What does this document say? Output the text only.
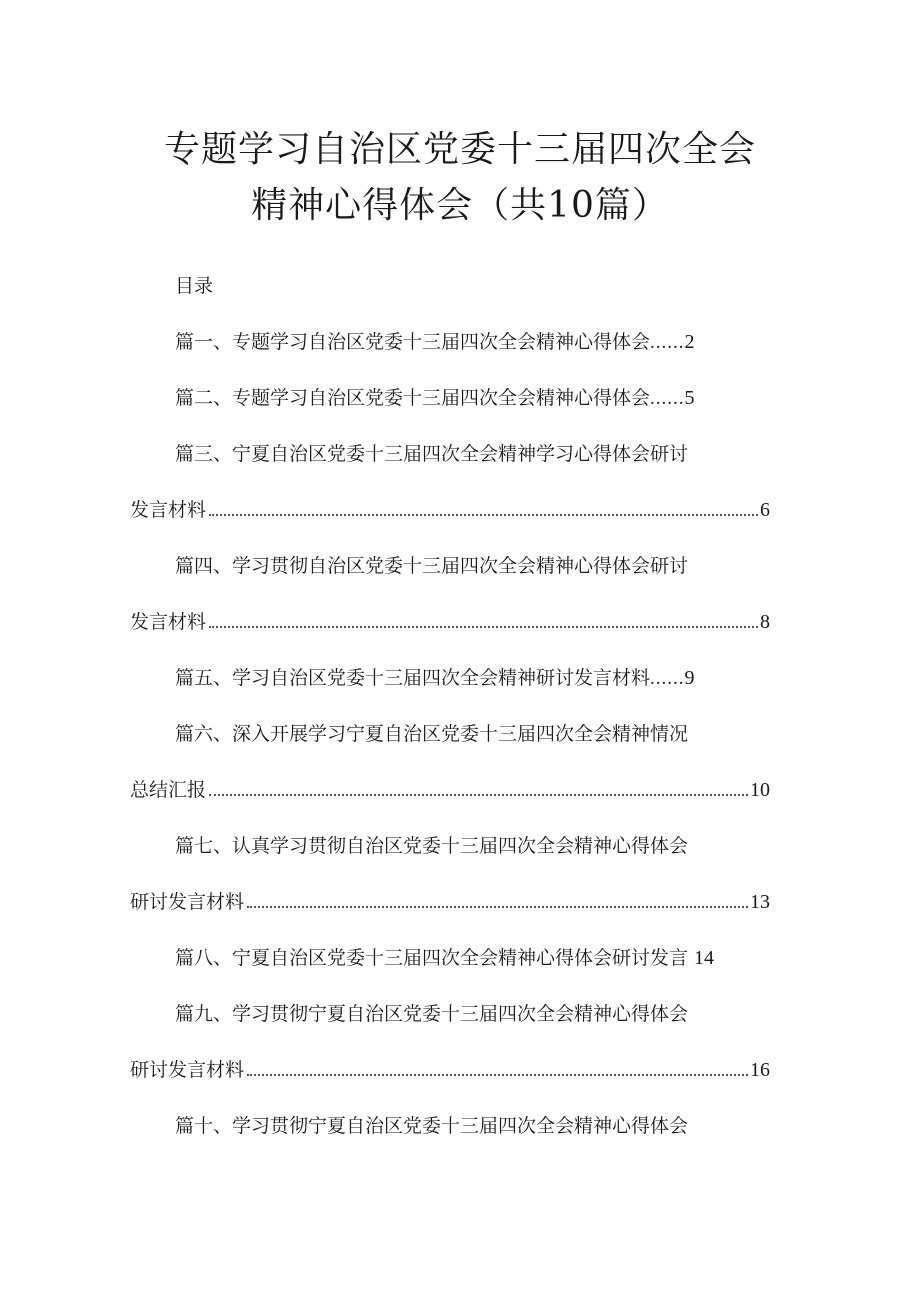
专题学习自治区党委十三届四次全会
精神心得体会（共10篇）
目录
篇一、专题学习自治区党委十三届四次全会精神心得体会 ...... 2
篇二、专题学习自治区党委十三届四次全会精神心得体会 ...... 5
篇三、宁夏自治区党委十三届四次全会精神学习心得体会研讨
发言材料	6
篇四、学习贯彻自治区党委十三届四次全会精神心得体会研讨
发言材料	8
篇五、学习自治区党委十三届四次全会精神研讨发言材料 ...... 9
篇六、深入开展学习宁夏自治区党委十三届四次全会精神情况
总结汇报	10
篇七、认真学习贯彻自治区党委十三届四次全会精神心得体会
研讨发言材料	13
篇八、宁夏自治区党委十三届四次全会精神心得体会研讨发言 14
篇九、学习贯彻宁夏自治区党委十三届四次全会精神心得体会
研讨发言材料	16
篇十、学习贯彻宁夏自治区党委十三届四次全会精神心得体会
